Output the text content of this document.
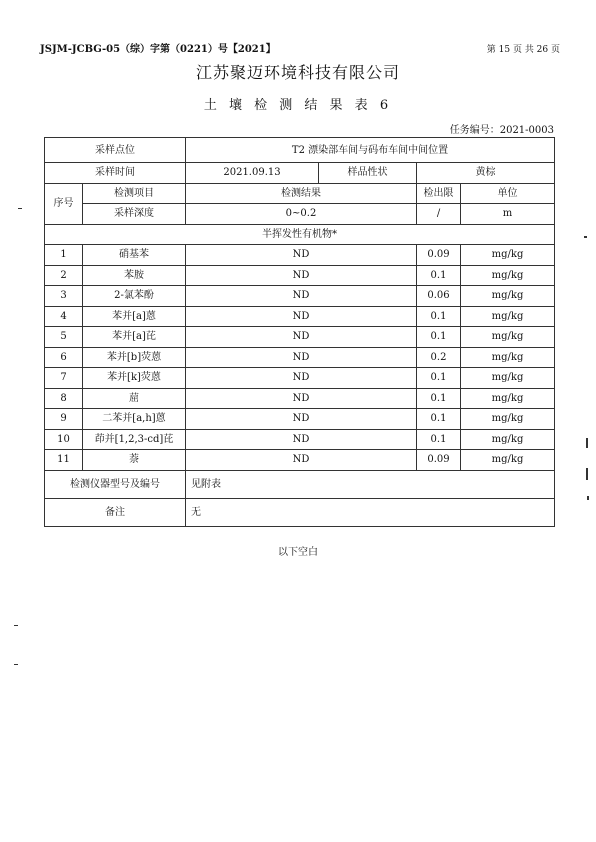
JSJM-JCBG-05（综）字第（0221）号【2021】	第 15 页 共 26 页
江苏聚迈环境科技有限公司
土 壤 检 测 结 果 表 6
任务编号：2021-0003
采样点位		T2 漂染部车间与码布车间中间位置			
采样时间		2021.09.13	样品性状	黄棕	
序号	检测项目	检测结果		检出限	单位
	采样深度	0~0.2		/	m
半挥发性有机物*					
1	硝基苯	ND		0.09	mg/kg
2	苯胺	ND		0.1	mg/kg
3	2-氯苯酚	ND		0.06	mg/kg
4	苯并[a]蒽	ND		0.1	mg/kg
5	苯并[a]芘	ND		0.1	mg/kg
6	苯并[b]荧蒽	ND		0.2	mg/kg
7	苯并[k]荧蒽	ND		0.1	mg/kg
8	䓛	ND		0.1	mg/kg
9	二苯并[a,h]蒽	ND		0.1	mg/kg
10	茚并[1,2,3-cd]芘	ND		0.1	mg/kg
11	萘	ND		0.09	mg/kg
检测仪器型号及编号		见附表			
备注		无			
以下空白
